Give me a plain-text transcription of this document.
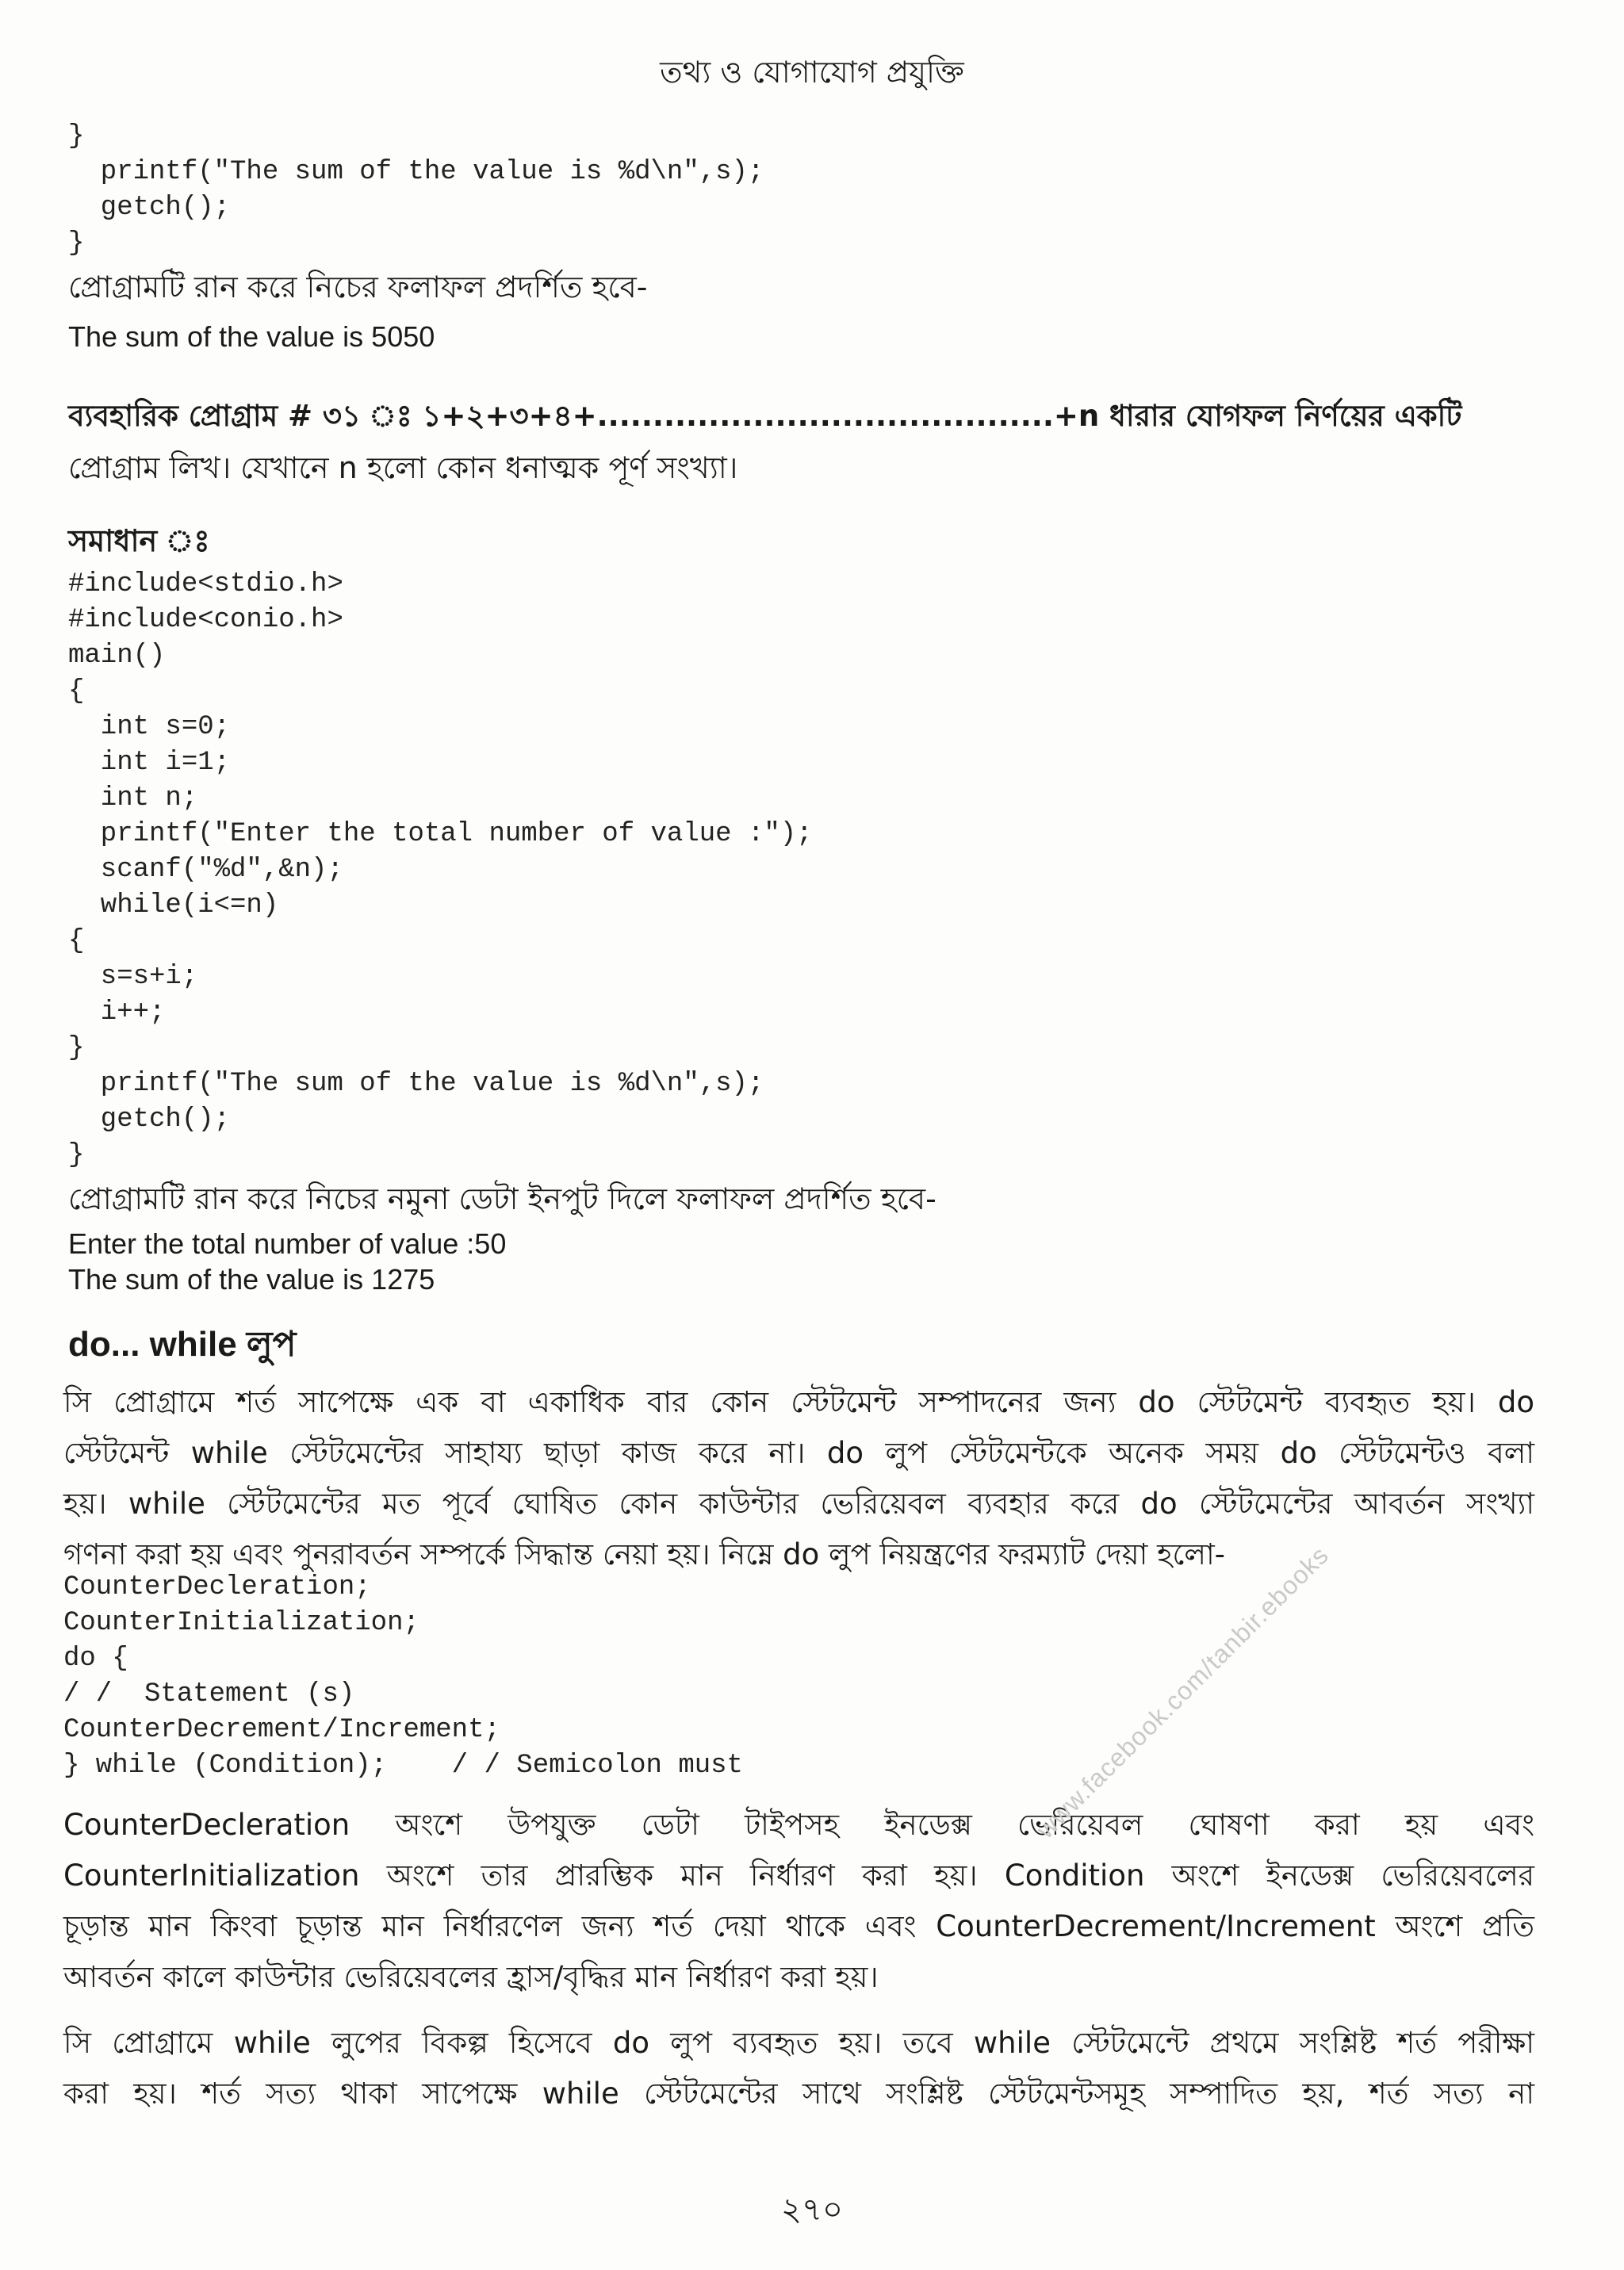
তথ্য ও যোগাযোগ প্রযুক্তি
}
printf("The sum of the value is %d\n",s);
getch();
}
প্রোগ্রামটি রান করে নিচের ফলাফল প্রদর্শিত হবে-
The sum of the value is 5050
ব্যবহারিক প্রোগ্রাম # ৩১ ঃ ১+২+৩+৪+.........................................+n ধারার যোগফল নির্ণয়ের একটি
প্রোগ্রাম লিখ। যেখানে n হলো কোন ধনাত্মক পূর্ণ সংখ্যা।
সমাধান ঃ
#include<stdio.h>
#include<conio.h>
main()
{
int s=0;
int i=1;
int n;
printf("Enter the total number of value :");
scanf("%d",&n);
while(i<=n)
{
s=s+i;
i++;
}
printf("The sum of the value is %d\n",s);
getch();
}
প্রোগ্রামটি রান করে নিচের নমুনা ডেটা ইনপুট দিলে ফলাফল প্রদর্শিত হবে-
Enter the total number of value :50
The sum of the value is 1275
do... while লুপ
সি প্রোগ্রামে শর্ত সাপেক্ষে এক বা একাধিক বার কোন স্টেটমেন্ট সম্পাদনের জন্য do স্টেটমেন্ট ব্যবহৃত হয়। do
স্টেটমেন্ট while স্টেটমেন্টের সাহায্য ছাড়া কাজ করে না। do লুপ স্টেটমেন্টকে অনেক সময় do স্টেটমেন্টও বলা
হয়। while স্টেটমেন্টের মত পূর্বে ঘোষিত কোন কাউন্টার ভেরিয়েবল ব্যবহার করে do স্টেটমেন্টের আবর্তন সংখ্যা
গণনা করা হয় এবং পুনরাবর্তন সম্পর্কে সিদ্ধান্ত নেয়া হয়। নিম্নে do লুপ নিয়ন্ত্রণের ফরম্যাট দেয়া হলো-
CounterDecleration;
CounterInitialization;
do {
/ /  Statement (s)
CounterDecrement/Increment;
} while (Condition);    / / Semicolon must
CounterDecleration অংশে উপযুক্ত ডেটা টাইপসহ ইনডেক্স ভেরিয়েবল ঘোষণা করা হয় এবং
CounterInitialization অংশে তার প্রারম্ভিক মান নির্ধারণ করা হয়। Condition অংশে ইনডেক্স ভেরিয়েবলের
চূড়ান্ত মান কিংবা চূড়ান্ত মান নির্ধারণেল জন্য শর্ত দেয়া থাকে এবং CounterDecrement/Increment অংশে প্রতি
আবর্তন কালে কাউন্টার ভেরিয়েবলের হ্রাস/বৃদ্ধির মান নির্ধারণ করা হয়।
সি প্রোগ্রামে while লুপের বিকল্প হিসেবে do লুপ ব্যবহৃত হয়। তবে while স্টেটমেন্টে প্রথমে সংশ্লিষ্ট শর্ত পরীক্ষা
করা হয়। শর্ত সত্য থাকা সাপেক্ষে while স্টেটমেন্টের সাথে সংশ্লিষ্ট স্টেটমেন্টসমূহ সম্পাদিত হয়, শর্ত সত্য না
www.facebook.com/tanbir.ebooks
২৭০
